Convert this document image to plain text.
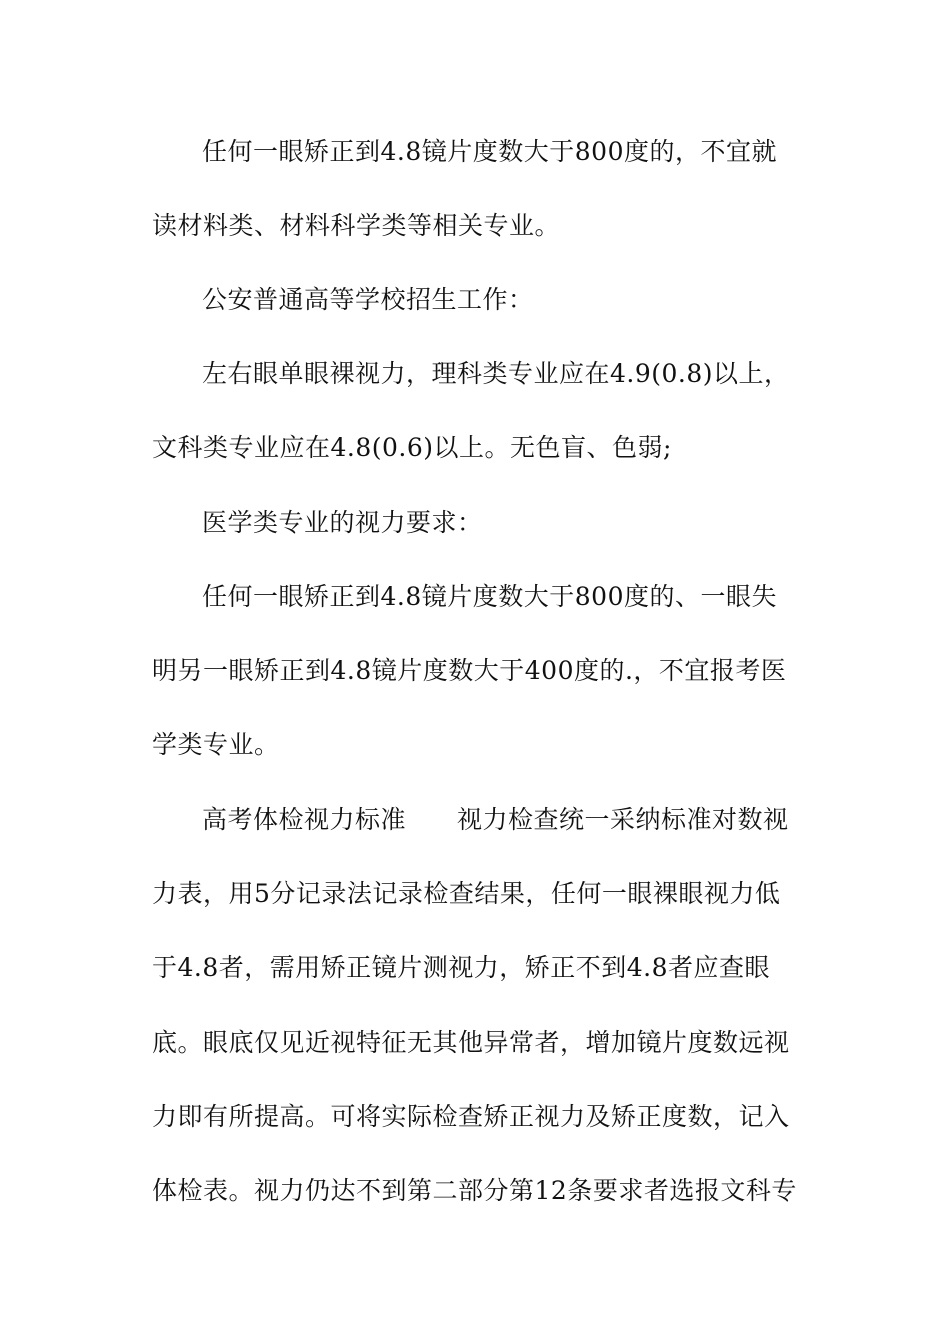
任何一眼矫正到4.8镜片度数大于800度的，不宜就
读材料类、材料科学类等相关专业。
公安普通高等学校招生工作：
左右眼单眼裸视力，理科类专业应在4.9(0.8)以上，
文科类专业应在4.8(0.6)以上。无色盲、色弱;
医学类专业的视力要求：
任何一眼矫正到4.8镜片度数大于800度的、一眼失
明另一眼矫正到4.8镜片度数大于400度的.，不宜报考医
学类专业。
高考体检视力标准　　视力检查统一采纳标准对数视
力表，用5分记录法记录检查结果，任何一眼裸眼视力低
于4.8者，需用矫正镜片测视力，矫正不到4.8者应查眼
底。眼底仅见近视特征无其他异常者，增加镜片度数远视
力即有所提高。可将实际检查矫正视力及矫正度数，记入
体检表。视力仍达不到第二部分第12条要求者选报文科专
